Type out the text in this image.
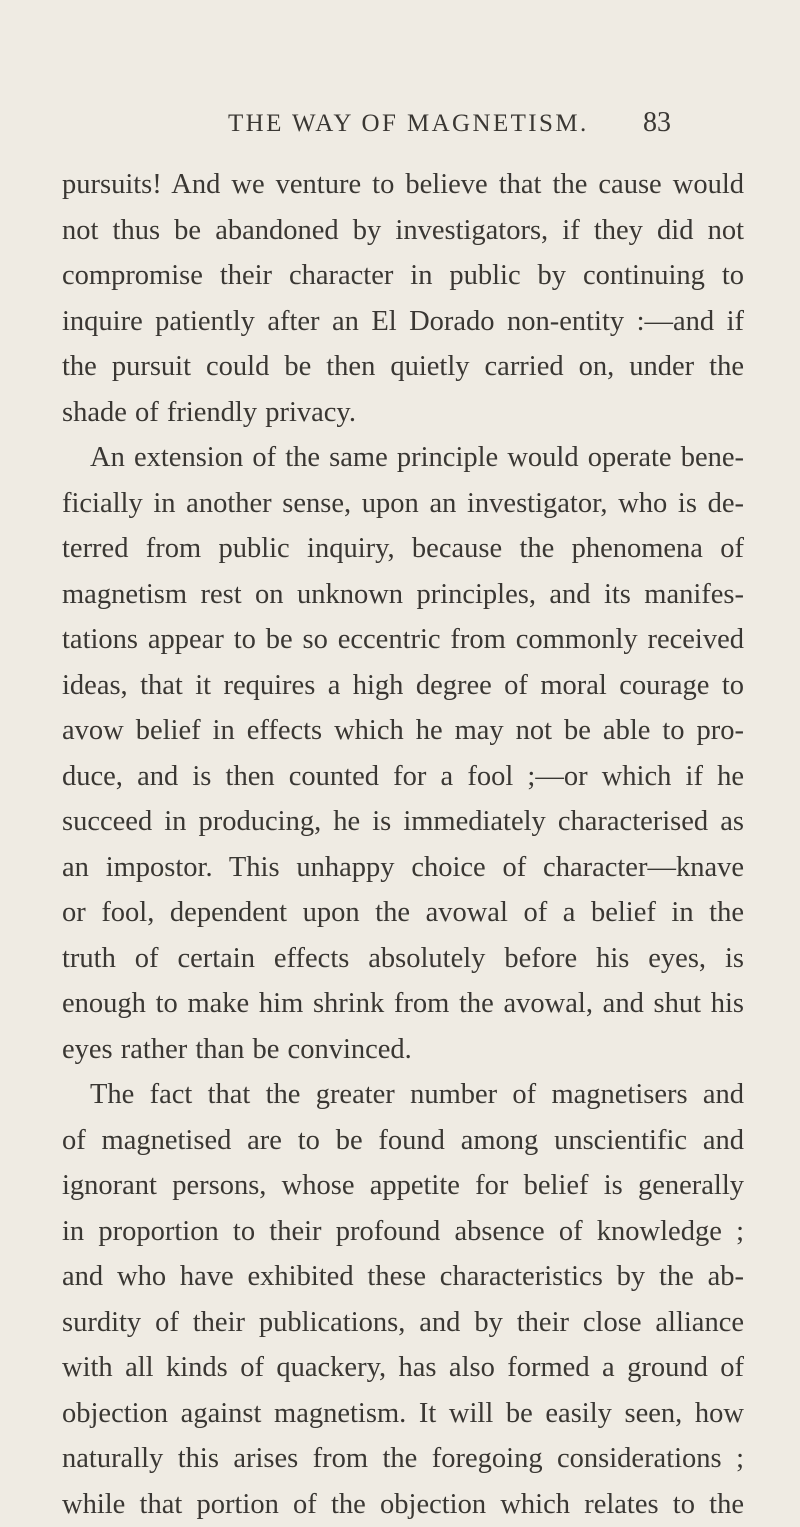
THE WAY OF MAGNETISM. 83
pursuits! And we venture to believe that the cause would
not thus be abandoned by investigators, if they did not
compromise their character in public by continuing to
inquire patiently after an El Dorado non-entity :—and if
the pursuit could be then quietly carried on, under the
shade of friendly privacy.
An extension of the same principle would operate bene-
ficially in another sense, upon an investigator, who is de-
terred from public inquiry, because the phenomena of
magnetism rest on unknown principles, and its manifes-
tations appear to be so eccentric from commonly received
ideas, that it requires a high degree of moral courage to
avow belief in effects which he may not be able to pro-
duce, and is then counted for a fool ;—or which if he
succeed in producing, he is immediately characterised as
an impostor. This unhappy choice of character—knave
or fool, dependent upon the avowal of a belief in the
truth of certain effects absolutely before his eyes, is
enough to make him shrink from the avowal, and shut his
eyes rather than be convinced.
The fact that the greater number of magnetisers and
of magnetised are to be found among unscientific and
ignorant persons, whose appetite for belief is generally
in proportion to their profound absence of knowledge ;
and who have exhibited these characteristics by the ab-
surdity of their publications, and by their close alliance
with all kinds of quackery, has also formed a ground of
objection against magnetism. It will be easily seen, how
naturally this arises from the foregoing considerations ;
while that portion of the objection which relates to the
